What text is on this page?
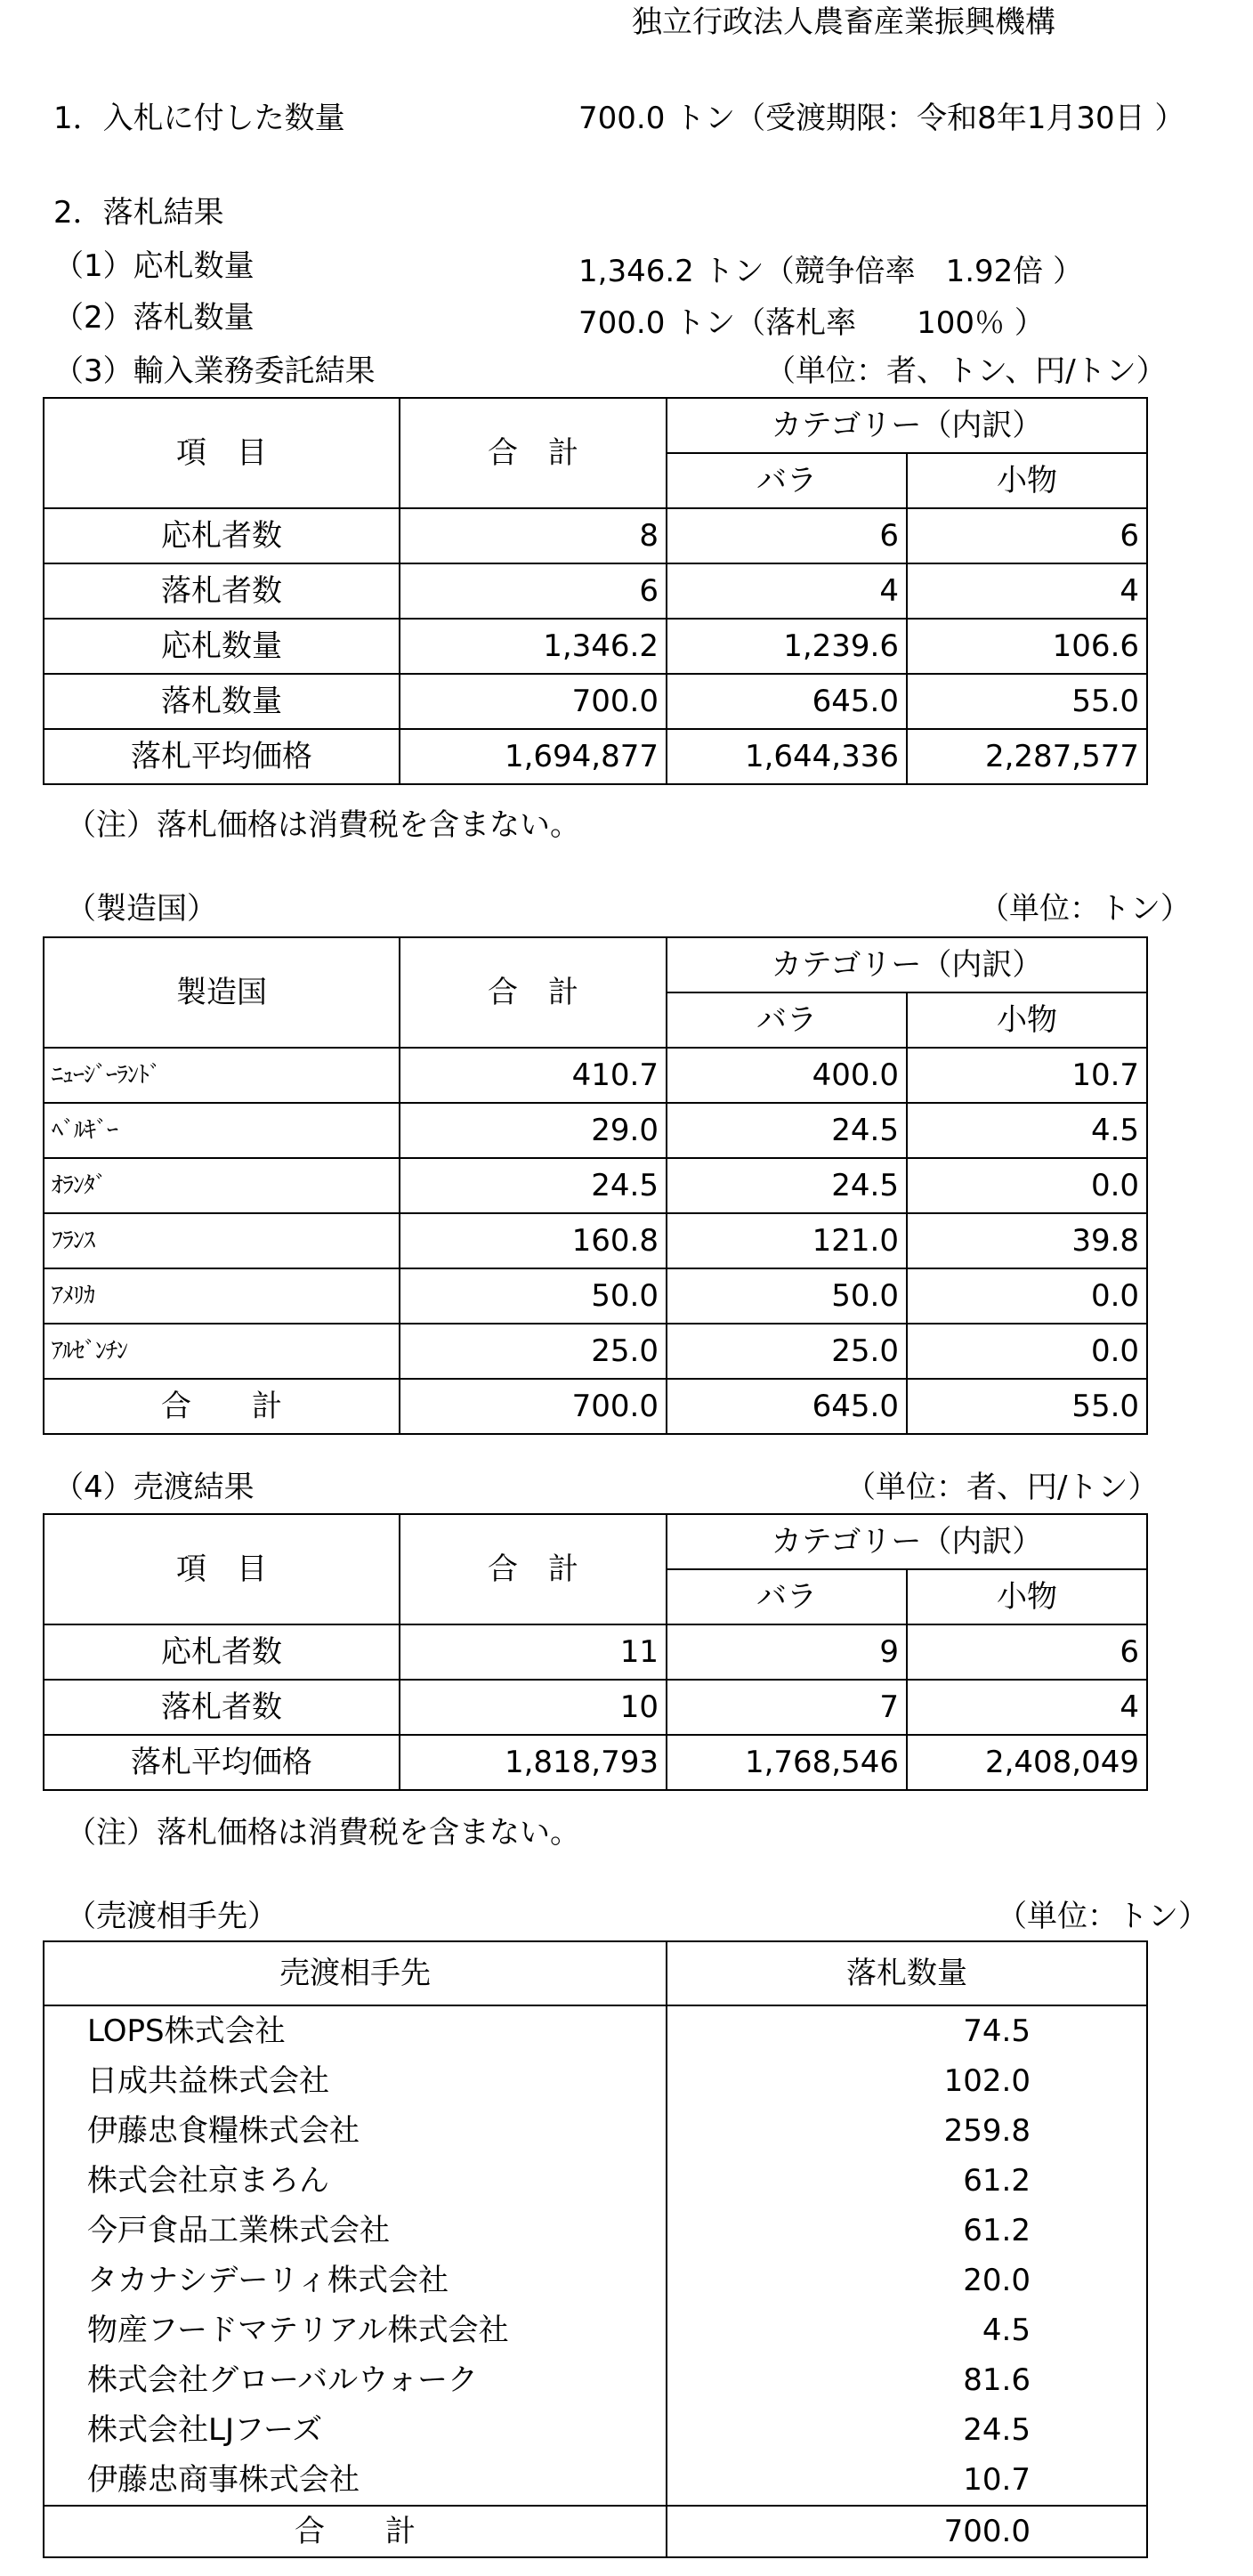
独立行政法人農畜産業振興機構
1．入札に付した数量	700.0 トン（受渡期限：令和8年1月30日 ）
2．落札結果
（1）応札数量	1,346.2 トン（競争倍率　1.92倍 ）
（2）落札数量	700.0 トン（落札率　　100％ ）
（3）輸入業務委託結果	（単位：者、トン、円/トン）
項　目	合　計	カテゴリー（内訳）	
		バラ	小物
応札者数	8	6	6
落札者数	6	4	4
応札数量	1,346.2	1,239.6	106.6
落札数量	700.0	645.0	55.0
落札平均価格	1,694,877	1,644,336	2,287,577
（注）落札価格は消費税を含まない。
（製造国）	（単位：トン）
製造国	合　計	カテゴリー（内訳）	
		バラ	小物
ﾆｭｰｼﾞｰﾗﾝﾄﾞ	410.7	400.0	10.7
ﾍﾞﾙｷﾞｰ	29.0	24.5	4.5
ｵﾗﾝﾀﾞ	24.5	24.5	0.0
ﾌﾗﾝｽ	160.8	121.0	39.8
ｱﾒﾘｶ	50.0	50.0	0.0
ｱﾙｾﾞﾝﾁﾝ	25.0	25.0	0.0
合　　計	700.0	645.0	55.0
（4）売渡結果	（単位：者、円/トン）
項　目	合　計	カテゴリー（内訳）	
		バラ	小物
応札者数	11	9	6
落札者数	10	7	4
落札平均価格	1,818,793	1,768,546	2,408,049
（注）落札価格は消費税を含まない。
（売渡相手先）	（単位：トン）
売渡相手先	落札数量
LOPS株式会社	74.5
日成共益株式会社	102.0
伊藤忠食糧株式会社	259.8
株式会社京まろん	61.2
今戸食品工業株式会社	61.2
タカナシデーリィ株式会社	20.0
物産フードマテリアル株式会社	4.5
株式会社グローバルウォーク	81.6
株式会社LJフーズ	24.5
伊藤忠商事株式会社	10.7
合　　計	700.0
